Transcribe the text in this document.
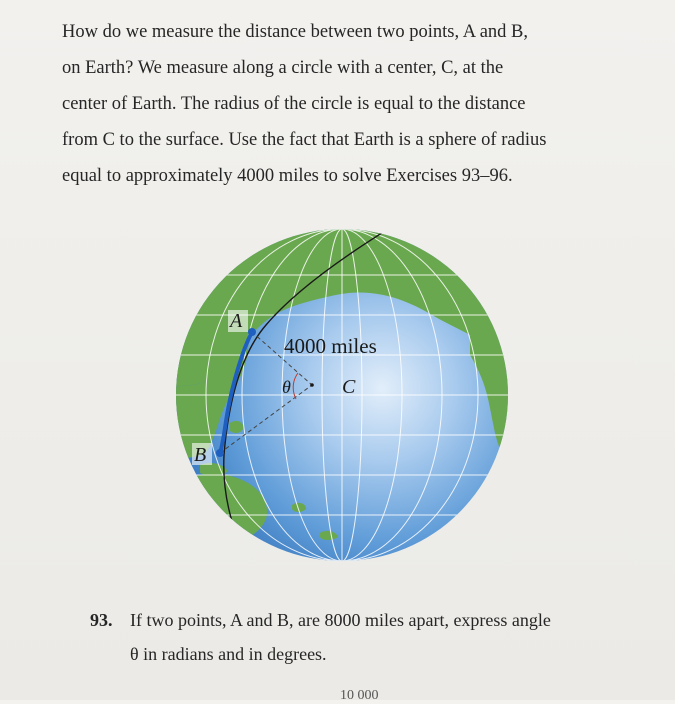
How do we measure the distance between two points, A and B,
on Earth? We measure along a circle with a center, C, at the
center of Earth. The radius of the circle is equal to the distance
from C to the surface. Use the fact that Earth is a sphere of radius
equal to approximately 4000 miles to solve Exercises 93–96.
A
B
4000 miles
θ	C
93. If two points, A and B, are 8000 miles apart, express angle
θ in radians and in degrees.
10 000
